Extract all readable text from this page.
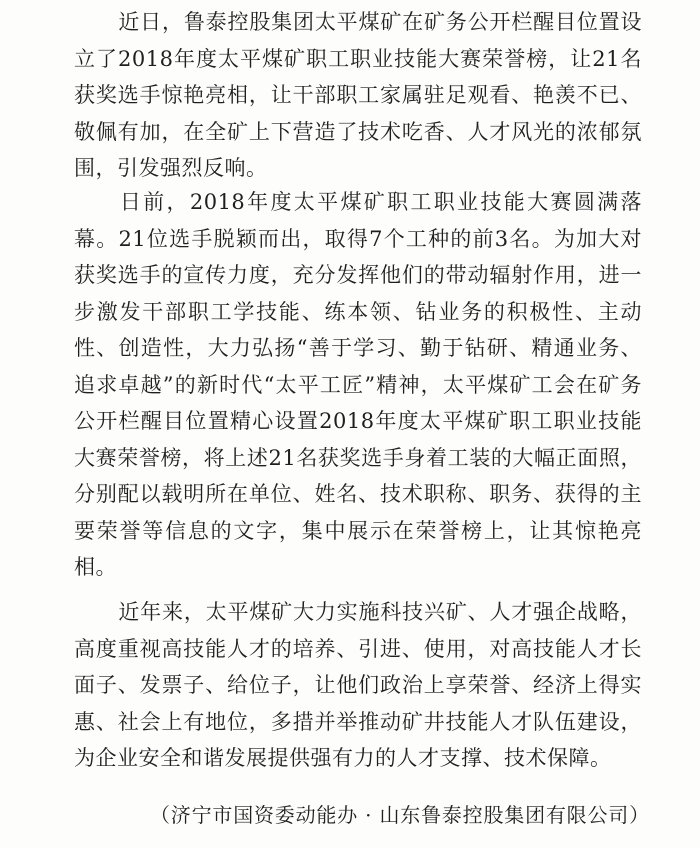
近日，鲁泰控股集团太平煤矿在矿务公开栏醒目位置设立了2018年度太平煤矿职工职业技能大赛荣誉榜，让21名获奖选手惊艳亮相，让干部职工家属驻足观看、艳羡不已、敬佩有加，在全矿上下营造了技术吃香、人才风光的浓郁氛围，引发强烈反响。

日前，2018年度太平煤矿职工职业技能大赛圆满落幕。21位选手脱颖而出，取得7个工种的前3名。为加大对获奖选手的宣传力度，充分发挥他们的带动辐射作用，进一步激发干部职工学技能、练本领、钻业务的积极性、主动性、创造性，大力弘扬“善于学习、勤于钻研、精通业务、追求卓越”的新时代“太平工匠”精神，太平煤矿工会在矿务公开栏醒目位置精心设置2018年度太平煤矿职工职业技能大赛荣誉榜，将上述21名获奖选手身着工装的大幅正面照，分别配以载明所在单位、姓名、技术职称、职务、获得的主要荣誉等信息的文字，集中展示在荣誉榜上，让其惊艳亮相。

近年来，太平煤矿大力实施科技兴矿、人才强企战略，高度重视高技能人才的培养、引进、使用，对高技能人才长面子、发票子、给位子，让他们政治上享荣誉、经济上得实惠、社会上有地位，多措并举推动矿井技能人才队伍建设，为企业安全和谐发展提供强有力的人才支撑、技术保障。

（济宁市国资委动能办 · 山东鲁泰控股集团有限公司）
